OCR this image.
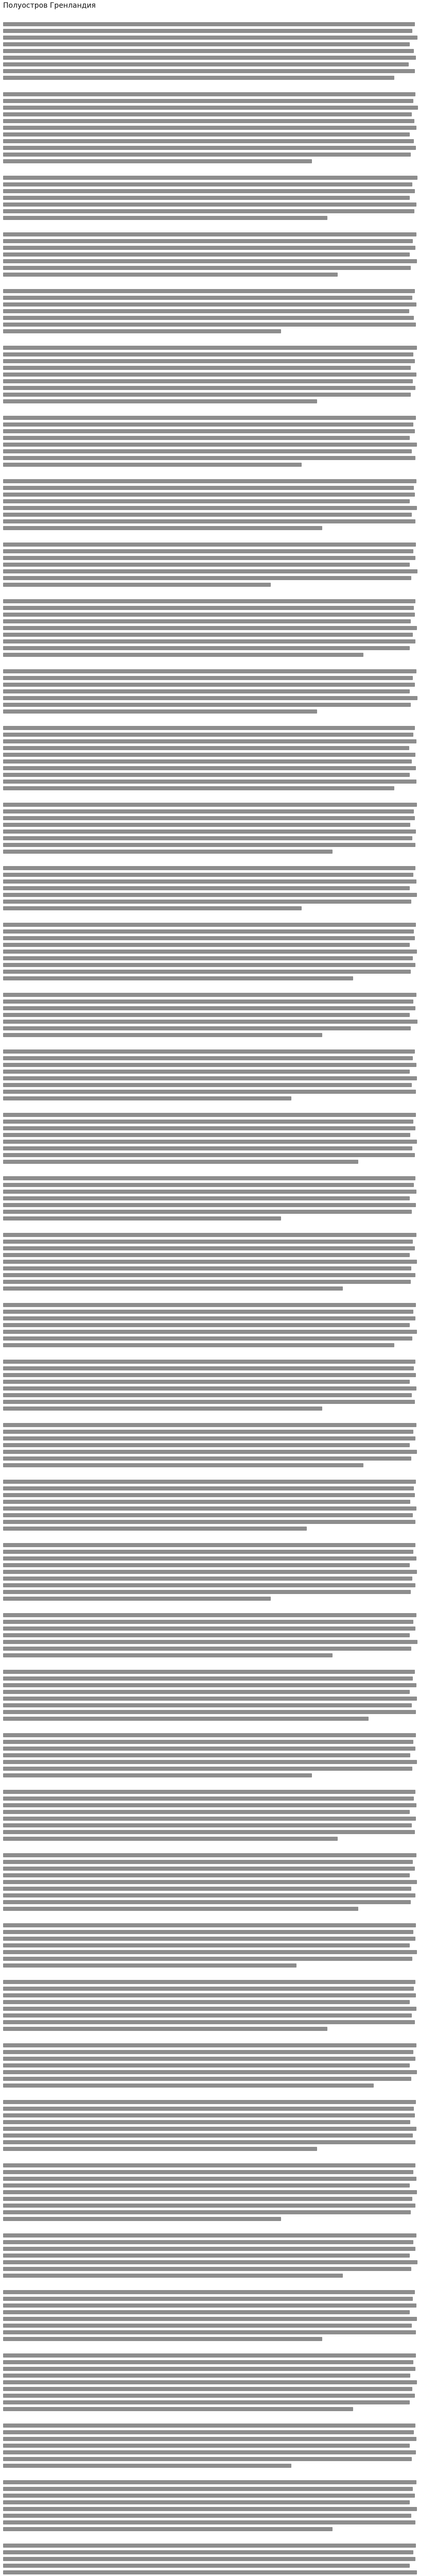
Полуостров Гренландия
